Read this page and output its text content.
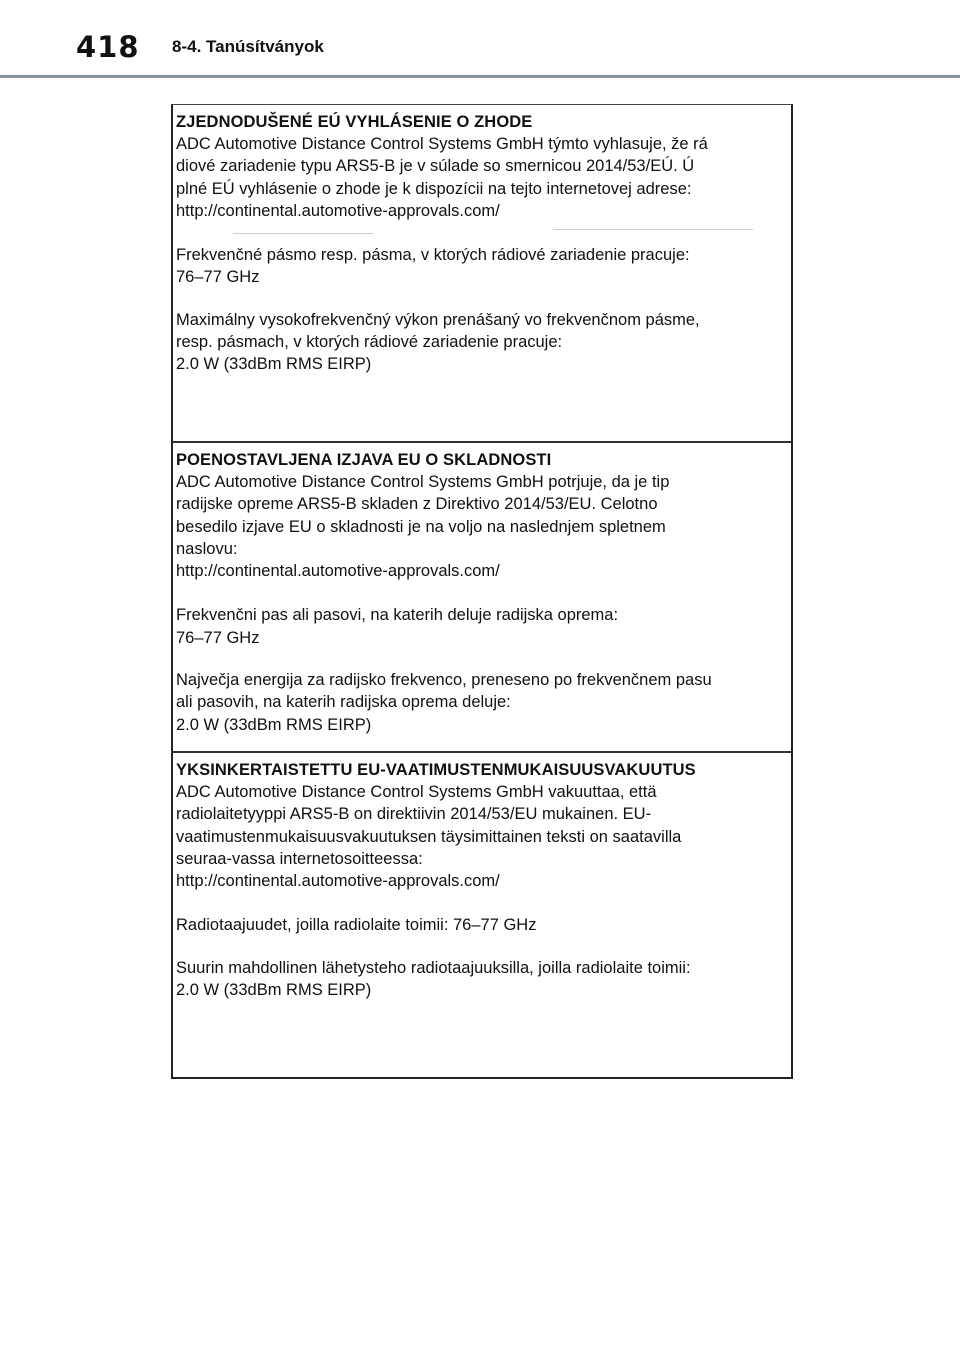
418 8-4. Tanúsítványok
ZJEDNODUŠENÉ EÚ VYHLÁSENIE O ZHODE
ADC Automotive Distance Control Systems GmbH týmto vyhlasuje, že rá
diové zariadenie typu ARS5-B je v súlade so smernicou 2014/53/EÚ. Ú
plné EÚ vyhlásenie o zhode je k dispozícii na tejto internetovej adrese:
http://continental.automotive-approvals.com/
Frekvenčné pásmo resp. pásma, v ktorých rádiové zariadenie pracuje:
76–77 GHz
Maximálny vysokofrekvenčný výkon prenášaný vo frekvenčnom pásme,
resp. pásmach, v ktorých rádiové zariadenie pracuje:
2.0 W (33dBm RMS EIRP)
POENOSTAVLJENA IZJAVA EU O SKLADNOSTI
ADC Automotive Distance Control Systems GmbH potrjuje, da je tip
radijske opreme ARS5-B skladen z Direktivo 2014/53/EU. Celotno
besedilo izjave EU o skladnosti je na voljo na naslednjem spletnem
naslovu:
http://continental.automotive-approvals.com/
Frekvenčni pas ali pasovi, na katerih deluje radijska oprema:
76–77 GHz
Največja energija za radijsko frekvenco, preneseno po frekvenčnem pasu
ali pasovih, na katerih radijska oprema deluje:
2.0 W (33dBm RMS EIRP)
YKSINKERTAISTETTU EU-VAATIMUSTENMUKAISUUSVAKUUTUS
ADC Automotive Distance Control Systems GmbH vakuuttaa, että
radiolaitetyyppi ARS5-B on direktiivin 2014/53/EU mukainen. EU-
vaatimustenmukaisuusvakuutuksen täysimittainen teksti on saatavilla
seuraa-vassa internetosoitteessa:
http://continental.automotive-approvals.com/
Radiotaajuudet, joilla radiolaite toimii: 76–77 GHz
Suurin mahdollinen lähetysteho radiotaajuuksilla, joilla radiolaite toimii:
2.0 W (33dBm RMS EIRP)
